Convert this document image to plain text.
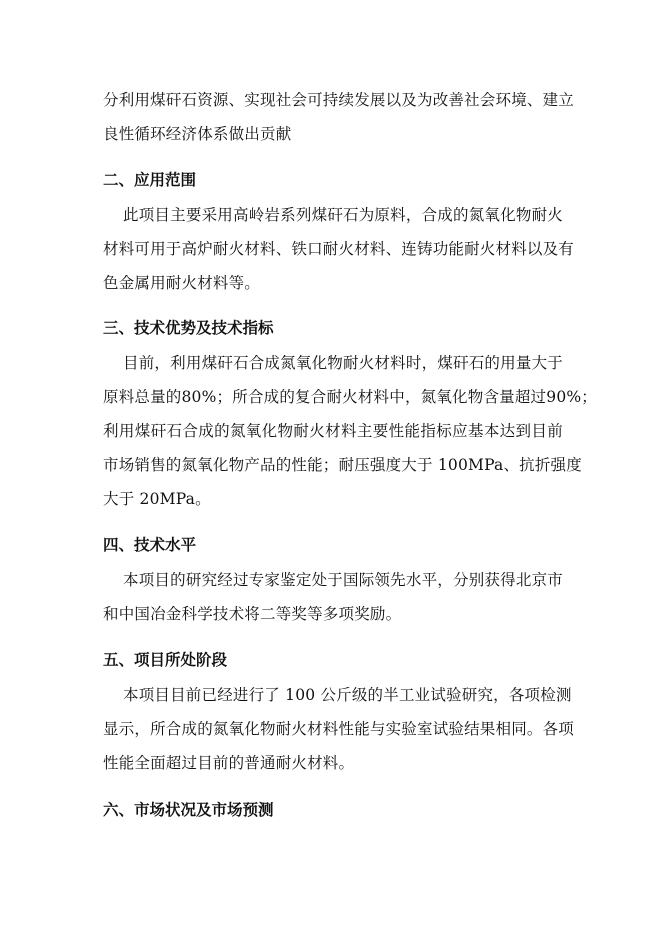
分利用煤矸石资源、实现社会可持续发展以及为改善社会环境、建立
良性循环经济体系做出贡献
二、应用范围
此项目主要采用高岭岩系列煤矸石为原料，合成的氮氧化物耐火
材料可用于高炉耐火材料、铁口耐火材料、连铸功能耐火材料以及有
色金属用耐火材料等。
三、技术优势及技术指标
目前，利用煤矸石合成氮氧化物耐火材料时，煤矸石的用量大于
原料总量的80%；所合成的复合耐火材料中，氮氧化物含量超过90%；
利用煤矸石合成的氮氧化物耐火材料主要性能指标应基本达到目前
市场销售的氮氧化物产品的性能；耐压强度大于 100MPa、抗折强度
大于 20MPa。
四、技术水平
本项目的研究经过专家鉴定处于国际领先水平，分别获得北京市
和中国冶金科学技术将二等奖等多项奖励。
五、项目所处阶段
本项目目前已经进行了 100 公斤级的半工业试验研究，各项检测
显示，所合成的氮氧化物耐火材料性能与实验室试验结果相同。各项
性能全面超过目前的普通耐火材料。
六、市场状况及市场预测
